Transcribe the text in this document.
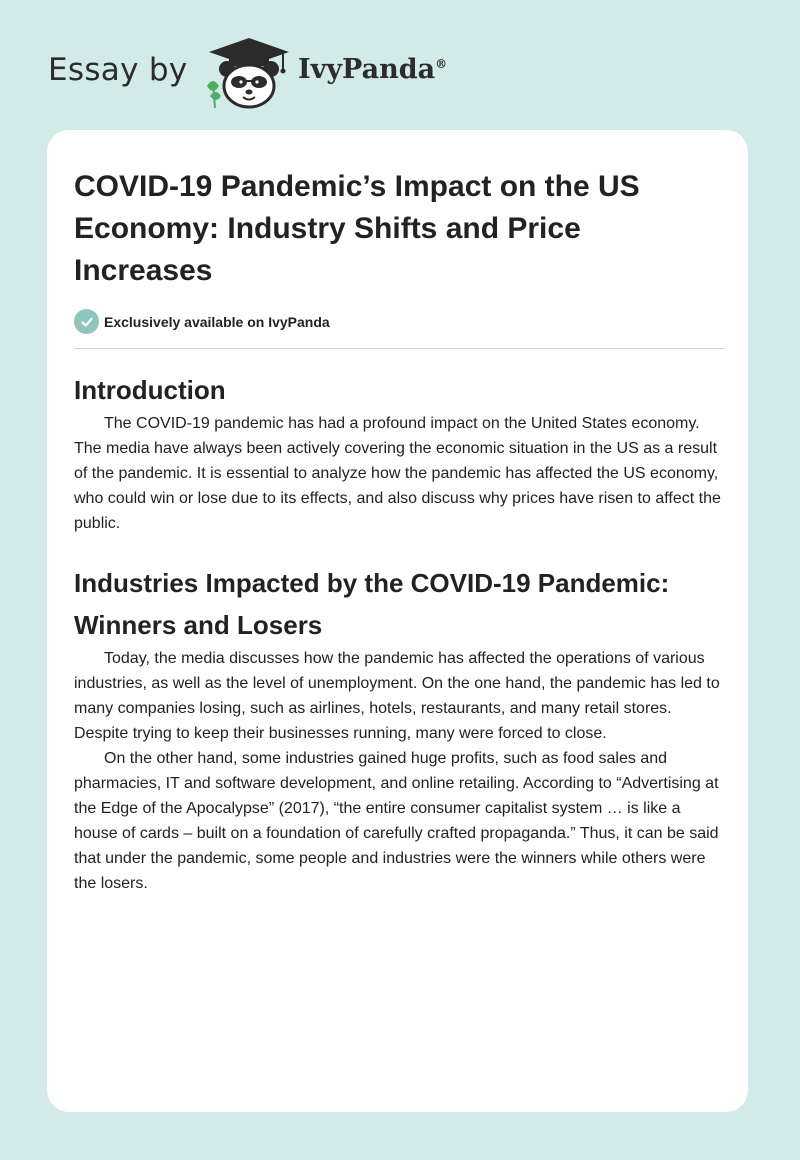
Essay by	IvyPanda®
COVID-19 Pandemic’s Impact on the US Economy: Industry Shifts and Price Increases
Exclusively available on IvyPanda
Introduction

The COVID-19 pandemic has had a profound impact on the United States economy. The media have always been actively covering the economic situation in the US as a result of the pandemic. It is essential to analyze how the pandemic has affected the US economy, who could win or lose due to its effects, and also discuss why prices have risen to affect the public.

Industries Impacted by the COVID-19 Pandemic: Winners and Losers

Today, the media discusses how the pandemic has affected the operations of various industries, as well as the level of unemployment. On the one hand, the pandemic has led to many companies losing, such as airlines, hotels, restaurants, and many retail stores. Despite trying to keep their businesses running, many were forced to close.

On the other hand, some industries gained huge profits, such as food sales and pharmacies, IT and software development, and online retailing. According to “Advertising at the Edge of the Apocalypse” (2017), “the entire consumer capitalist system … is like a house of cards – built on a foundation of carefully crafted propaganda.” Thus, it can be said that under the pandemic, some people and industries were the winners while others were the losers.
